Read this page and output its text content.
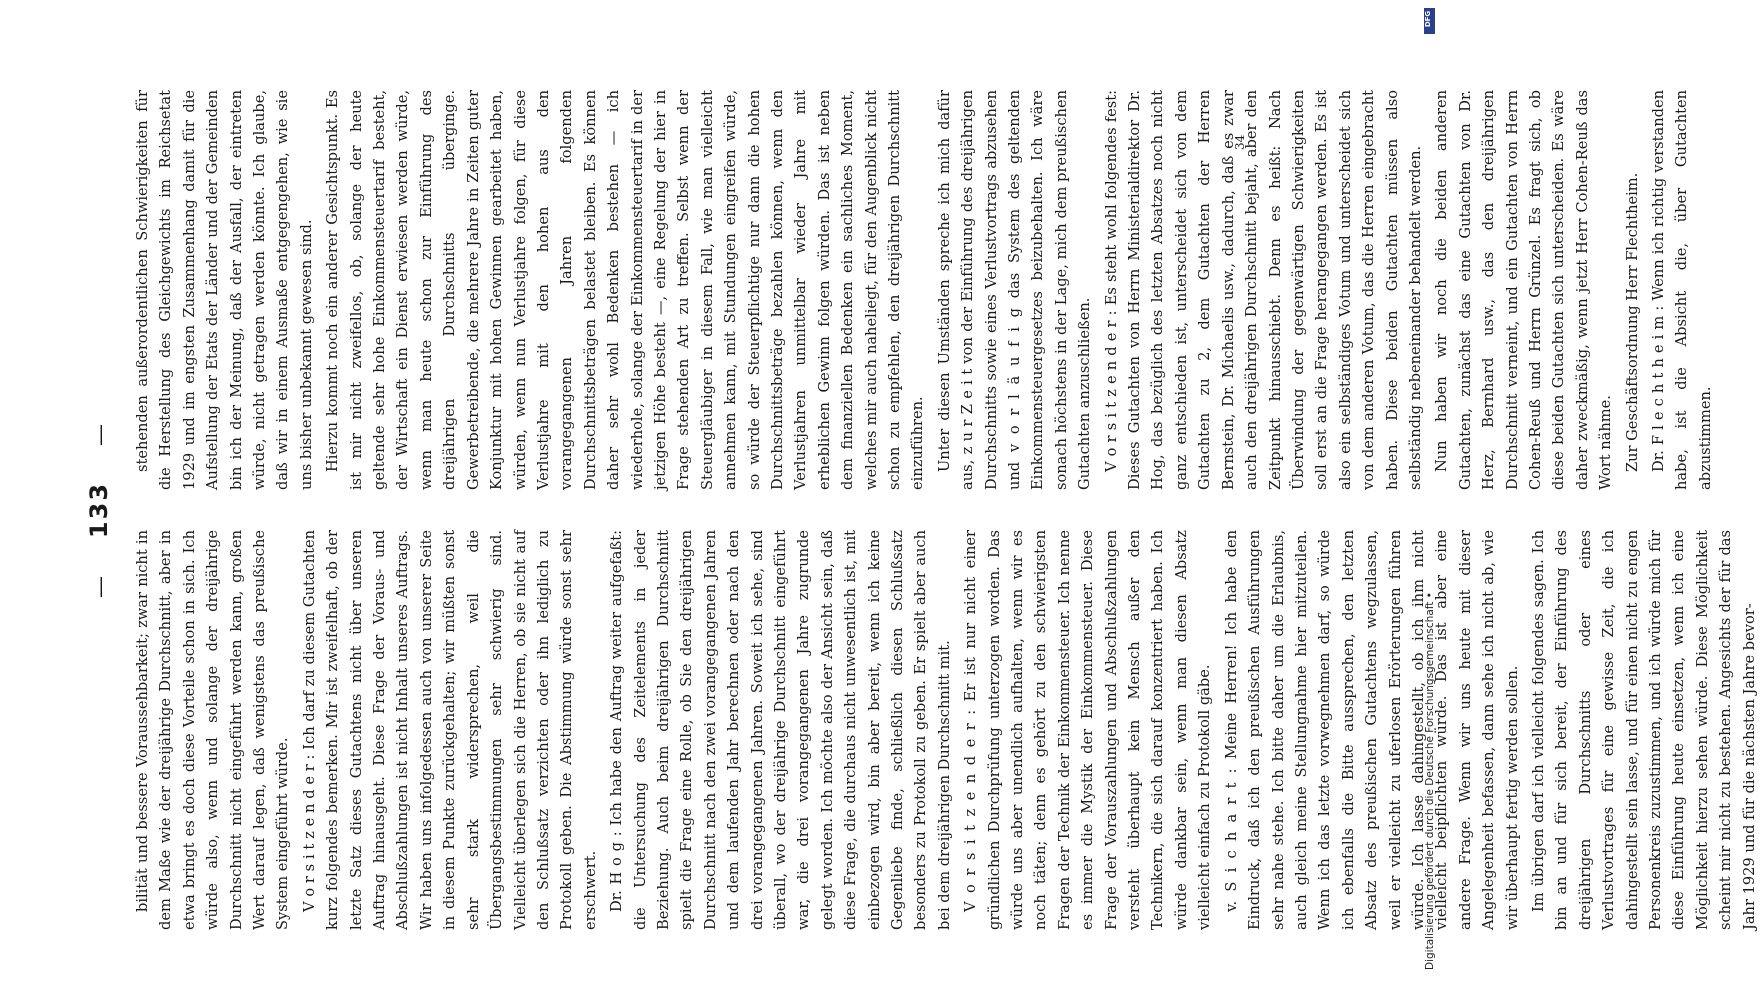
—    133    —

bilität und bessere Voraussehbarkeit; zwar nicht in dem Maße wie der dreijährige Durchschnitt, aber in etwa bringt es doch diese Vorteile schon in sich. Ich würde also, wenn und solange der dreijährige Durchschnitt nicht eingeführt werden kann, großen Wert darauf legen, daß wenigstens das preußische System eingeführt würde. V o r s i t z e n d e r : Ich darf zu diesem Gutachten kurz folgendes bemerken. Mir ist zweifelhaft, ob der letzte Satz dieses Gutachtens nicht über unseren Auftrag hinausgeht. Diese Frage der Voraus- und Abschlußzahlungen ist nicht Inhalt unseres Auftrags. Wir haben uns infolgedessen auch von unserer Seite in diesem Punkte zurückgehalten; wir müßten sonst sehr stark widersprechen, weil die Übergangsbestimmungen sehr schwierig sind. Vielleicht überlegen sich die Herren, ob sie nicht auf den Schlußsatz verzichten oder ihn lediglich zu Protokoll geben. Die Abstimmung würde sonst sehr erschwert. Dr. H o g : Ich habe den Auftrag weiter aufgefaßt: die Untersuchung des Zeitelements in jeder Beziehung. Auch beim dreijährigen Durchschnitt spielt die Frage eine Rolle, ob Sie den dreijährigen Durchschnitt nach den zwei vorangegangenen Jahren und dem laufenden Jahr berechnen oder nach den drei vorangegangenen Jahren. Soweit ich sehe, sind überall, wo der dreijährige Durchschnitt eingeführt war, die drei vorangegangenen Jahre zugrunde gelegt worden. Ich möchte also der Ansicht sein, daß diese Frage, die durchaus nicht unwesentlich ist, mit einbezogen wird, bin aber bereit, wenn ich keine Gegenliebe finde, schließlich diesen Schlußsatz besonders zu Protokoll zu geben. Er spielt aber auch bei dem dreijährigen Durchschnitt mit. V o r s i t z e n d e r : Er ist nur nicht einer gründlichen Durchprüfung unterzogen worden. Das würde uns aber unendlich aufhalten, wenn wir es noch täten; denn es gehört zu den schwierigsten Fragen der Technik der Einkommensteuer. Ich nenne es immer die Mystik der Einkommensteuer. Diese Frage der Vorauszahlungen und Abschlußzahlungen versteht überhaupt kein Mensch außer den Technikern, die sich darauf konzentriert haben. Ich würde dankbar sein, wenn man diesen Absatz vielleicht einfach zu Protokoll gäbe. v. S i c h a r t : Meine Herren! Ich habe den Eindruck, daß ich den preußischen Ausführungen sehr nahe stehe. Ich bitte daher um die Erlaubnis, auch gleich meine Stellungnahme hier mitzuteilen. Wenn ich das letzte vorwegnehmen darf, so würde ich ebenfalls die Bitte aussprechen, den letzten Absatz des preußischen Gutachtens wegzulassen, weil er vielleicht zu uferlosen Erörterungen führen würde. Ich lasse dahingestellt, ob ich ihm nicht vielleicht beipflichten würde. Das ist aber eine andere Frage. Wenn wir uns heute mit dieser Angelegenheit befassen, dann sehe ich nicht ab, wie wir überhaupt fertig werden sollen. Im übrigen darf ich vielleicht folgendes sagen. Ich bin an und für sich bereit, der Einführung des dreijährigen Durchschnitts oder eines Verlustvortrages für eine gewisse Zeit, die ich dahingestellt sein lasse, und für einen nicht zu engen Personenkreis zuzustimmen, und ich würde mich für diese Einführung heute einsetzen, wenn ich eine Möglichkeit hierzu sehen würde. Diese Möglichkeit scheint mir nicht zu bestehen. Angesichts der für das Jahr 1929 und für die nächsten Jahre bevor-

stehenden außerordentlichen Schwierigkeiten für die Herstellung des Gleichgewichts im Reichsetat 1929 und im engsten Zusammenhang damit für die Aufstellung der Etats der Länder und der Gemeinden bin ich der Meinung, daß der Ausfall, der eintreten würde, nicht getragen werden könnte. Ich glaube, daß wir in einem Ausmaße entgegengehen, wie sie uns bisher unbekannt gewesen sind. Hierzu kommt noch ein anderer Gesichtspunkt. Es ist mir nicht zweifellos, ob, solange der heute geltende sehr hohe Einkommensteuertarif besteht, der Wirtschaft ein Dienst erwiesen werden würde, wenn man heute schon zur Einführung des dreijährigen Durchschnitts überginge. Gewerbetreibende, die mehrere Jahre in Zeiten guter Konjunktur mit hohen Gewinnen gearbeitet haben, würden, wenn nun Verlustjahre folgen, für diese Verlustjahre mit den hohen aus den vorangegangenen Jahren folgenden Durchschnittsbeträgen belastet bleiben. Es können daher sehr wohl Bedenken bestehen — ich wiederhole, solange der Einkommensteuertarif in der jetzigen Höhe besteht —, eine Regelung der hier in Frage stehenden Art zu treffen. Selbst wenn der Steuergläubiger in diesem Fall, wie man vielleicht annehmen kann, mit Stundungen eingreifen würde, so würde der Steuerpflichtige nur dann die hohen Durchschnittsbeträge bezahlen können, wenn den Verlustjahren unmittelbar wieder Jahre mit erheblichen Gewinn folgen würden. Das ist neben dem finanziellen Bedenken ein sachliches Moment, welches mir auch naheliegt, für den Augenblick nicht schon zu empfehlen, den dreijährigen Durchschnitt einzuführen. Unter diesen Umständen spreche ich mich dafür aus, z u r Z e i t von der Einführung des dreijährigen Durchschnitts sowie eines Verlustvortrags abzusehen und v o r l ä u f i g das System des geltenden Einkommensteuergesetzes beizubehalten. Ich wäre sonach höchstens in der Lage, mich dem preußischen Gutachten anzuschließen. V o r s i t z e n d e r : Es steht wohl folgendes fest: Dieses Gutachten von Herrn Ministerialdirektor Dr. Hog, das bezüglich des letzten Absatzes noch nicht ganz entschieden ist, unterscheidet sich von dem Gutachten zu 2, dem Gutachten der Herren Bernstein, Dr. Michaelis usw., dadurch, daß es zwar auch den dreijährigen Durchschnitt bejaht, aber den Zeitpunkt hinausschiebt. Denn es heißt: Nach Überwindung der gegenwärtigen Schwierigkeiten soll erst an die Frage herangegangen werden. Es ist also ein selbständiges Votum und unterscheidet sich von dem anderen Votum, das die Herren eingebracht haben. Diese beiden Gutachten müssen also selbständig nebeneinander behandelt werden. Nun haben wir noch die beiden anderen Gutachten, zunächst das eine Gutachten von Dr. Herz, Bernhard usw., das den dreijährigen Durchschnitt verneint, und ein Gutachten von Herrn Cohen-Reuß und Herrn Grünzel. Es fragt sich, ob diese beiden Gutachten sich unterscheiden. Es wäre daher zweckmäßig, wenn jetzt Herr Cohen-Reuß das Wort nähme. Zur Geschäftsordnung Herr Flechtheim. Dr. F l e c h t h e i m : Wenn ich richtig verstanden habe, ist die Absicht die, über Gutachten abzustimmen.

34
DFG
Digitalisierung gefördert durch die Deutsche Forschungsgemeinschaft •
